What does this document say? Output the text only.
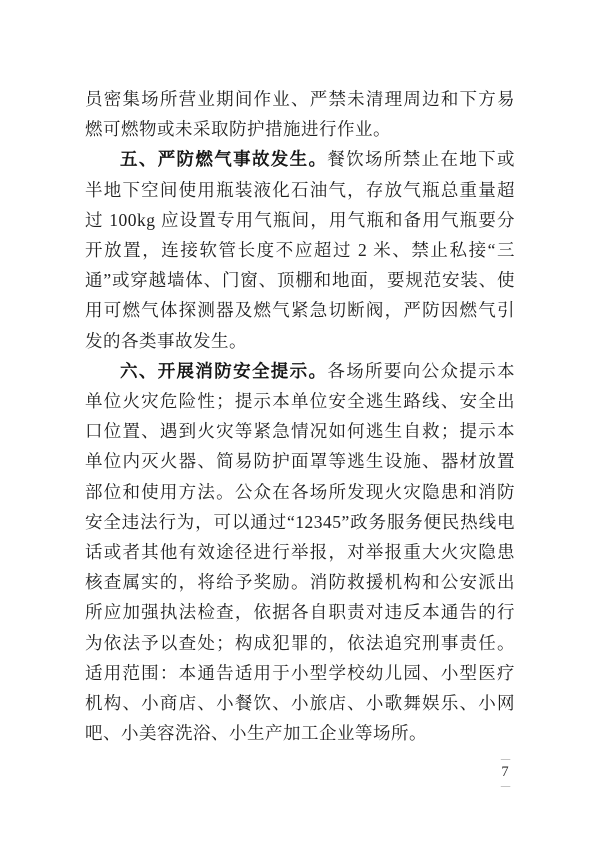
员密集场所营业期间作业、严禁未清理周边和下方易燃可燃物或未采取防护措施进行作业。

五、严防燃气事故发生。餐饮场所禁止在地下或半地下空间使用瓶装液化石油气，存放气瓶总重量超过 100kg 应设置专用气瓶间，用气瓶和备用气瓶要分开放置，连接软管长度不应超过 2 米、禁止私接“三通”或穿越墙体、门窗、顶棚和地面，要规范安装、使用可燃气体探测器及燃气紧急切断阀，严防因燃气引发的各类事故发生。

六、开展消防安全提示。各场所要向公众提示本单位火灾危险性；提示本单位安全逃生路线、安全出口位置、遇到火灾等紧急情况如何逃生自救；提示本单位内灭火器、简易防护面罩等逃生设施、器材放置部位和使用方法。公众在各场所发现火灾隐患和消防安全违法行为，可以通过“12345”政务服务便民热线电话或者其他有效途径进行举报，对举报重大火灾隐患核查属实的，将给予奖励。消防救援机构和公安派出所应加强执法检查，依据各自职责对违反本通告的行为依法予以查处；构成犯罪的，依法追究刑事责任。适用范围：本通告适用于小型学校幼儿园、小型医疗机构、小商店、小餐饮、小旅店、小歌舞娱乐、小网吧、小美容洗浴、小生产加工企业等场所。

—
7
—
